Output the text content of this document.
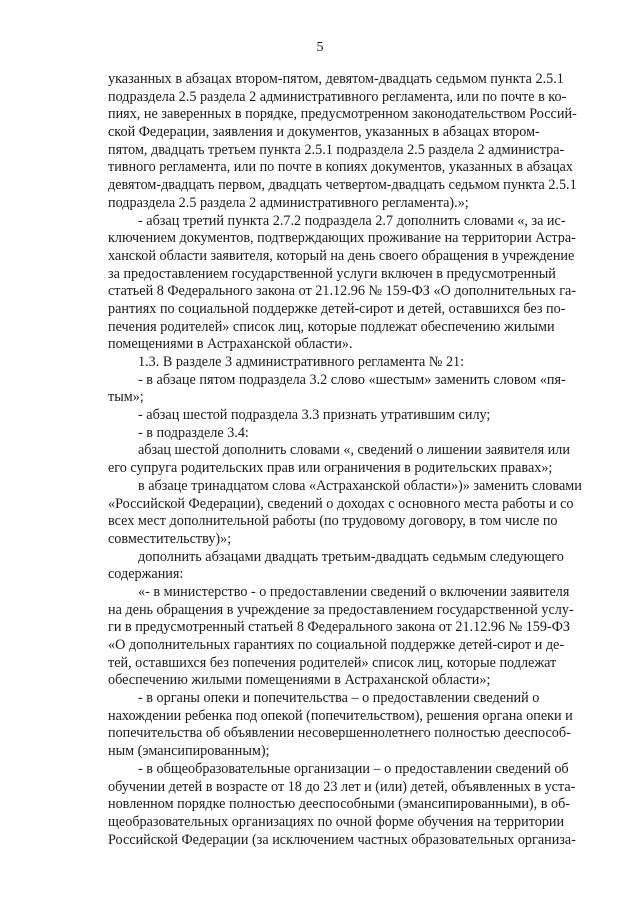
5
указанных в абзацах втором-пятом, девятом-двадцать седьмом пункта 2.5.1
подраздела 2.5 раздела 2 административного регламента, или по почте в ко-
пиях, не заверенных в порядке, предусмотренном законодательством Россий-
ской Федерации, заявления и документов, указанных в абзацах втором-
пятом, двадцать третьем пункта 2.5.1 подраздела 2.5 раздела 2 администра-
тивного регламента, или по почте в копиях документов, указанных в абзацах
девятом-двадцать первом, двадцать четвертом-двадцать седьмом пункта 2.5.1
подраздела 2.5 раздела 2 административного регламента).»;
- абзац третий пункта 2.7.2 подраздела 2.7 дополнить словами «, за ис-
ключением документов, подтверждающих проживание на территории Астра-
ханской области заявителя, который на день своего обращения в учреждение
за предоставлением государственной услуги включен в предусмотренный
статьей 8 Федерального закона от 21.12.96 № 159-ФЗ «О дополнительных га-
рантиях по социальной поддержке детей-сирот и детей, оставшихся без по-
печения родителей» список лиц, которые подлежат обеспечению жилыми
помещениями в Астраханской области».
1.3. В разделе 3 административного регламента № 21:
- в абзаце пятом подраздела 3.2 слово «шестым» заменить словом «пя-
тым»;
- абзац шестой подраздела 3.3 признать утратившим силу;
- в подразделе 3.4:
абзац шестой дополнить словами «, сведений о лишении заявителя или
его супруга родительских прав или ограничения в родительских правах»;
в абзаце тринадцатом слова «Астраханской области»)» заменить словами
«Российской Федерации), сведений о доходах с основного места работы и со
всех мест дополнительной работы (по трудовому договору, в том числе по
совместительству)»;
дополнить абзацами двадцать третьим-двадцать седьмым следующего
содержания:
«- в министерство - о предоставлении сведений о включении заявителя
на день обращения в учреждение за предоставлением государственной услу-
ги в предусмотренный статьей 8 Федерального закона от 21.12.96 № 159-ФЗ
«О дополнительных гарантиях по социальной поддержке детей-сирот и де-
тей, оставшихся без попечения родителей» список лиц, которые подлежат
обеспечению жилыми помещениями в Астраханской области»;
- в органы опеки и попечительства – о предоставлении сведений о
нахождении ребенка под опекой (попечительством), решения органа опеки и
попечительства об объявлении несовершеннолетнего полностью дееспособ-
ным (эмансипированным);
- в общеобразовательные организации – о предоставлении сведений об
обучении детей в возрасте от 18 до 23 лет и (или) детей, объявленных в уста-
новленном порядке полностью дееспособными (эмансипированными), в об-
щеобразовательных организациях по очной форме обучения на территории
Российской Федерации (за исключением частных образовательных организа-
